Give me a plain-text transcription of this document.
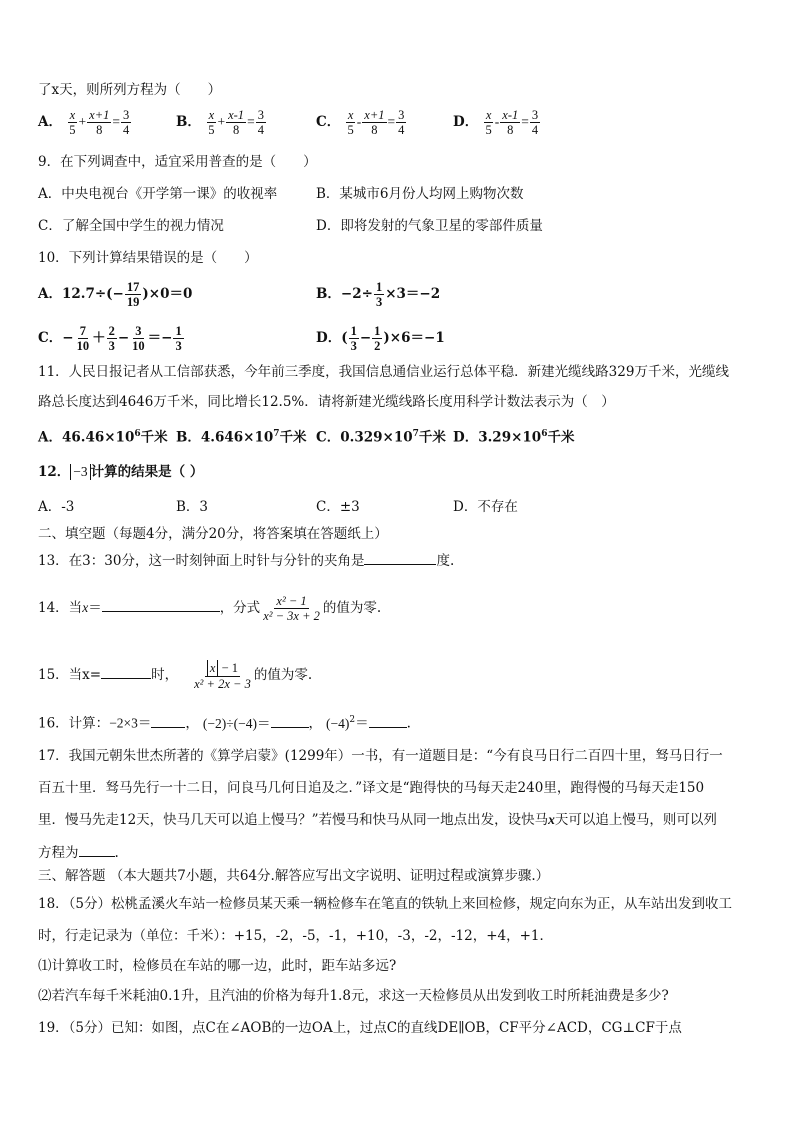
了x天，则所列方程为（　　）
A． $\frac{x}{5} + \frac{x+1}{8} = \frac{3}{4}$	B． $\frac{x}{5} + \frac{x-1}{8} = \frac{3}{4}$	C． $\frac{x}{5} - \frac{x+1}{8} = \frac{3}{4}$	D． $\frac{x}{5} - \frac{x-1}{8} = \frac{3}{4}$
9．在下列调查中，适宜采用普查的是（　　）
A．中央电视台《开学第一课》的收视率	B．某城市6月份人均网上购物次数
C．了解全国中学生的视力情况	D．即将发射的气象卫星的零部件质量
10．下列计算结果错误的是（　　）
A．$12.7\div(- \frac{17}{19} )\times 0=0$	B．$-2\div \frac{1}{3} \times 3=-2$
C．− $\frac{7}{10} + \frac{2}{3} - \frac{3}{10} =- \frac{1}{3}$	D．( $\frac{1}{3} - \frac{1}{2} )\times 6=-1$
11．人民日报记者从工信部获悉，今年前三季度，我国信息通信业运行总体平稳．新建光缆线路329万千米，光缆线
路总长度达到4646万千米，同比增长12.5%．请将新建光缆线路长度用科学计数法表示为（　）
A．$46.46\times 10^6$千米 B．$4.646\times 10^7$千米 C．$0.329\times 10^7$千米 D．$3.29\times 10^6$千米
12． −3 计算的结果是（ ）
A．-3	B．3	C．±3	D．不存在
二、填空题（每题4分，满分20分，将答案填在答题纸上）
13．在3：30分，这一时刻钟面上时针与分针的夹角是	度.
14．当x＝	，分式 $\frac{\text{x² − 1}}{\text{x² − 3x + 2}}$ 的值为零.
15．当x=	时， $\frac{x - 1}{\text{x² + 2x − 3}}$ 的值为零.
16．计算：−2×3＝	， (−2)÷(−4)＝	， $(-4)^2=$	.
17．我国元朝朱世杰所著的《算学启蒙》(1299年）一书，有一道题目是：“今有良马日行二百四十里，驽马日行一
百五十里．驽马先行一十二日，问良马几何日追及之．”译文是“跑得快的马每天走240里，跑得慢的马每天走150
里．慢马先走12天，快马几天可以追上慢马？”若慢马和快马从同一地点出发，设快马x天可以追上慢马，则可以列
方程为	.
三、解答题 （本大题共7小题，共64分.解答应写出文字说明、证明过程或演算步骤.）
18．（5分）松桃孟溪火车站一检修员某天乘一辆检修车在笔直的铁轨上来回检修，规定向东为正，从车站出发到收工
时，行走记录为（单位：千米）：+15，-2，-5，-1，+10，-3，-2，-12，+4，+1．
⑴计算收工时，检修员在车站的哪一边，此时，距车站多远?
⑵若汽车每千米耗油0.1升，且汽油的价格为每升1.8元，求这一天检修员从出发到收工时所耗油费是多少?
19．（5分）已知：如图，点C在∠AOB的一边OA上，过点C的直线DE∥OB，CF平分∠ACD，CG⊥CF于点
